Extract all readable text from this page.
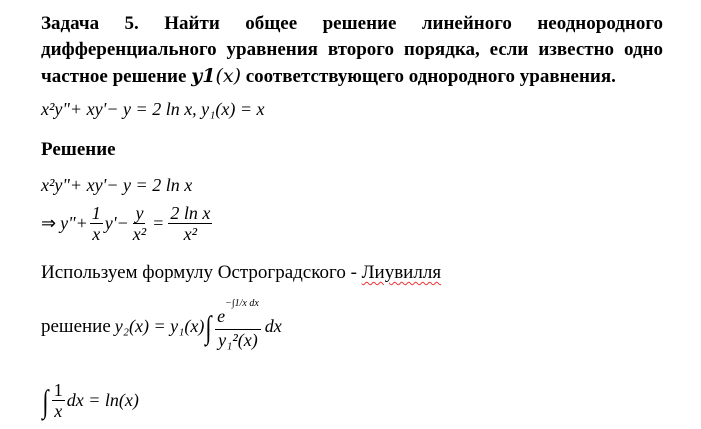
Задача 5. Найти общее решение линейного неоднородного
дифференциального уравнения второго порядка, если известно одно
частное решение y1(x) соответствующего однородного уравнения.
x²y"+ xy'− y = 2 ln x, y₁(x) = x
Решение
x²y"+ xy'− y = 2 ln x
⇒ y"+ $\frac{1}{x} y'- \frac{y}{\text{x²}} = \frac{\text{2 ln x}}{\text{x²}}$
Используем формулу Остроградского - Лиувилля
решение y₂(x) = y₁(x) ∫ $\frac{e^{-\int 1/x dx}}{\text{y₁²(x)}}$ dx
∫ $\frac{1}{x}$ dx = ln(x)
